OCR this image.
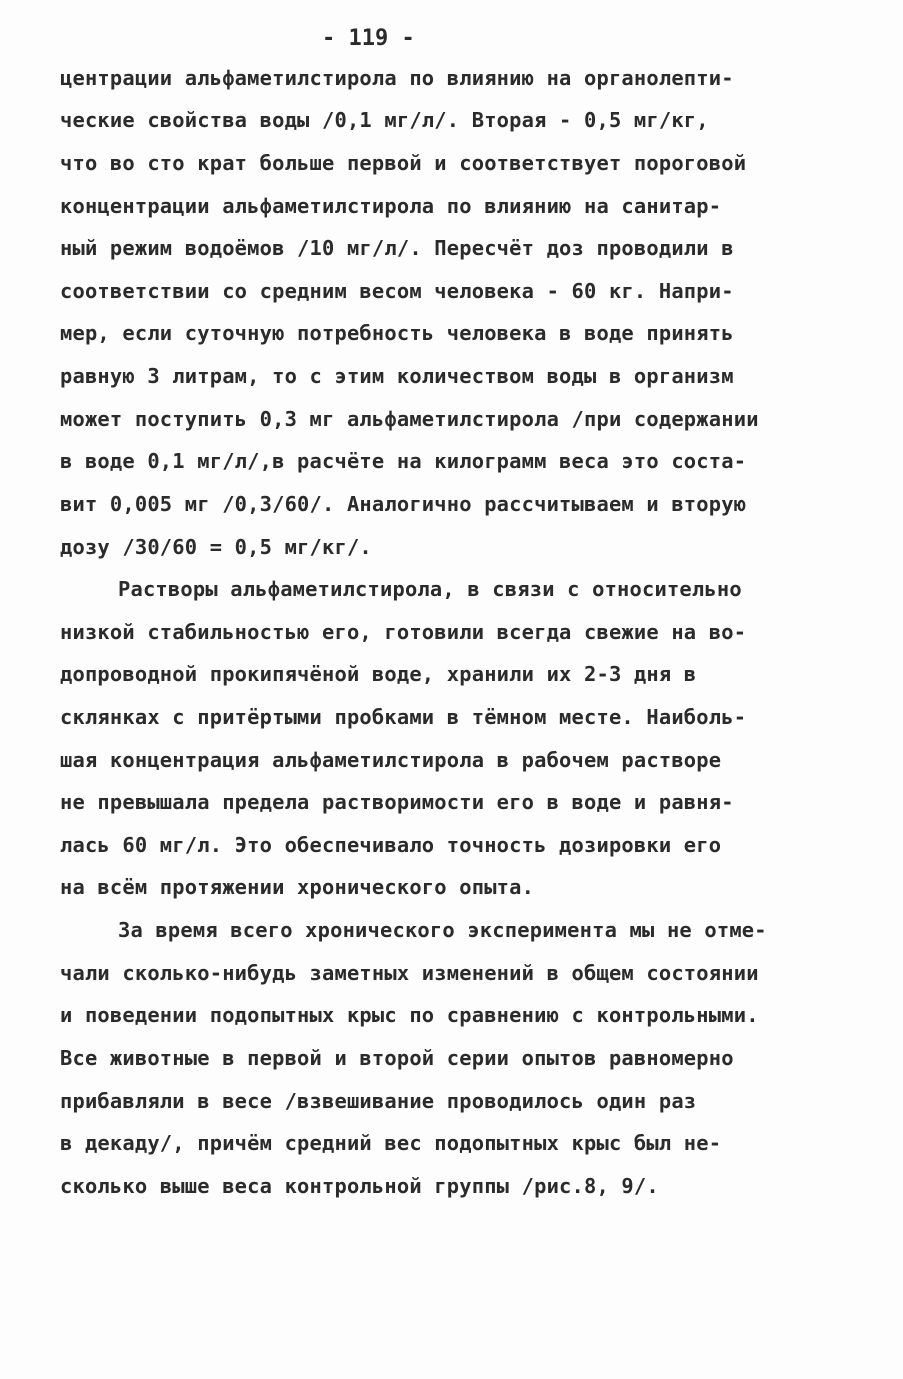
- 119 -
центрации альфаметилстирола по влиянию на органолепти-
ческие свойства воды /0,1 мг/л/. Вторая - 0,5 мг/кг,
что во сто крат больше первой и соответствует пороговой
концентрации альфаметилстирола по влиянию на санитар-
ный режим водоёмов /10 мг/л/. Пересчёт доз проводили в
соответствии со средним весом человека - 60 кг. Напри-
мер, если суточную потребность человека в воде принять
равную 3 литрам, то с этим количеством воды в организм
может поступить 0,3 мг альфаметилстирола /при содержании
в воде 0,1 мг/л/,в расчёте на килограмм веса это соста-
вит 0,005 мг /0,3/60/. Аналогично рассчитываем и вторую
дозу /30/60 = 0,5 мг/кг/.
Растворы альфаметилстирола, в связи с относительно
низкой стабильностью его, готовили всегда свежие на во-
допроводной прокипячёной воде, хранили их 2-3 дня в
склянках с притёртыми пробками в тёмном месте. Наиболь-
шая концентрация альфаметилстирола в рабочем растворе
не превышала предела растворимости его в воде и равня-
лась 60 мг/л. Это обеспечивало точность дозировки его
на всём протяжении хронического опыта.
За время всего хронического эксперимента мы не отме-
чали сколько-нибудь заметных изменений в общем состоянии
и поведении подопытных крыс по сравнению с контрольными.
Все животные в первой и второй серии опытов равномерно
прибавляли в весе /взвешивание проводилось один раз
в декаду/, причём средний вес подопытных крыс был не-
сколько выше веса контрольной группы /рис.8, 9/.
